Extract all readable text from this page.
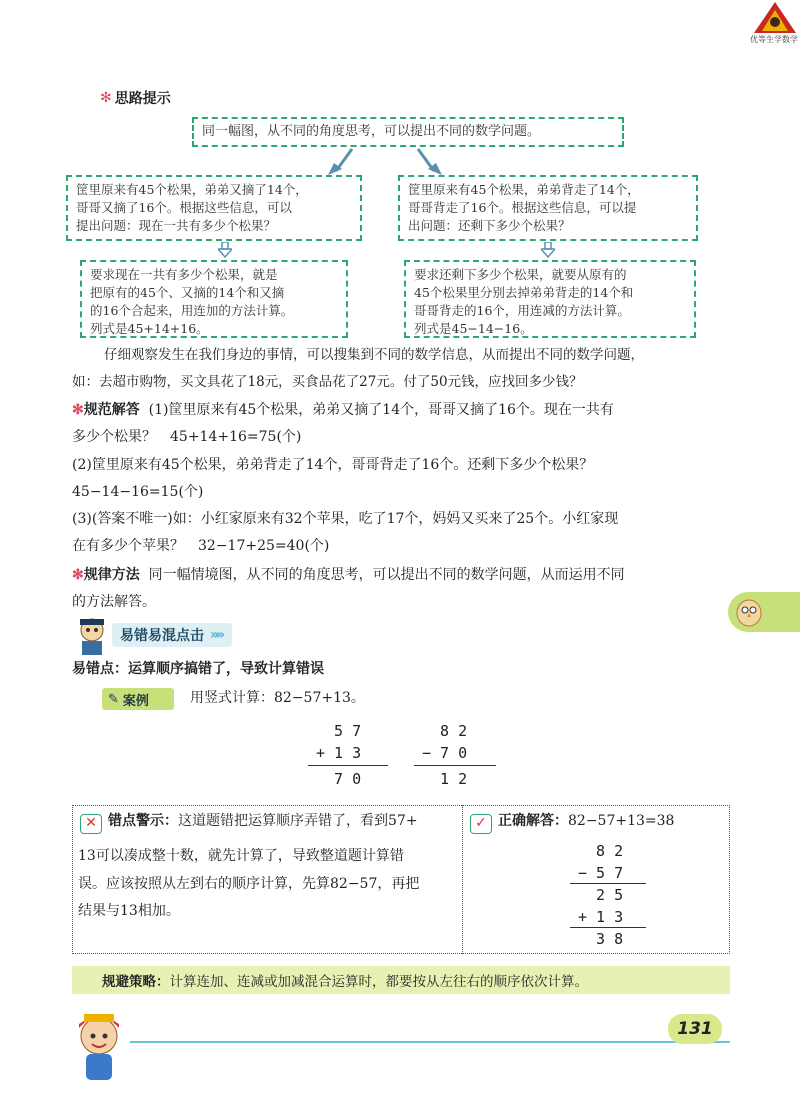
优等生学数学
✻ 思路提示
同一幅图，从不同的角度思考，可以提出不同的数学问题。
筐里原来有45个松果，弟弟又摘了14个，
哥哥又摘了16个。根据这些信息，可以
提出问题：现在一共有多少个松果？
筐里原来有45个松果，弟弟背走了14个，
哥哥背走了16个。根据这些信息，可以提
出问题：还剩下多少个松果？
要求现在一共有多少个松果，就是
把原有的45个、又摘的14个和又摘
的16个合起来，用连加的方法计算。
列式是45+14+16。
要求还剩下多少个松果，就要从原有的
45个松果里分别去掉弟弟背走的14个和
哥哥背走的16个，用连减的方法计算。
列式是45−14−16。
仔细观察发生在我们身边的事情，可以搜集到不同的数学信息，从而提出不同的数学问题，
如：去超市购物，买文具花了18元，买食品花了27元。付了50元钱，应找回多少钱？
✻规范解答 (1)筐里原来有45个松果，弟弟又摘了14个，哥哥又摘了16个。现在一共有
多少个松果？　45+14+16=75(个)
(2)筐里原来有45个松果，弟弟背走了14个，哥哥背走了16个。还剩下多少个松果？
45−14−16=15(个)
(3)(答案不唯一)如：小红家原来有32个苹果，吃了17个，妈妈又买来了25个。小红家现
在有多少个苹果？　32−17+25=40(个)
✻规律方法 同一幅情境图，从不同的角度思考，可以提出不同的数学问题，从而运用不同
的方法解答。
易错易混点击 »»
易错点：运算顺序搞错了，导致计算错误
✎ 案例	用竖式计算：82−57+13。
5 7
+ 1 3
7 0
8 2
− 7 0
1 2
✕ 错点警示：这道题错把运算顺序弄错了，看到57+
13可以凑成整十数，就先计算了，导致整道题计算错
误。应该按照从左到右的顺序计算，先算82−57，再把
结果与13相加。
✓ 正确解答：82−57+13=38
8 2
− 5 7
2 5
+ 1 3
3 8
规避策略： 计算连加、连减或加减混合运算时，都要按从左往右的顺序依次计算。
131
